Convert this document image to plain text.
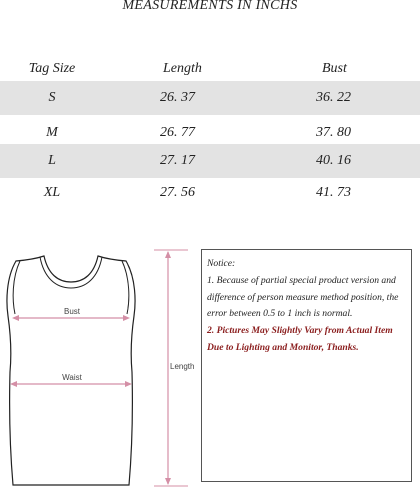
MEASUREMENTS IN INCHS
Tag Size	Length	Bust
S	26. 37	36. 22
M	26. 77	37. 80
L	27. 17	40. 16
XL	27. 56	41. 73
Bust
Waist
Length

Notice:

1. Because of partial special product version and difference of person measure method position, the error between 0.5 to 1 inch is normal.

2. Pictures May Slightly Vary from Actual Item Due to Lighting and Monitor, Thanks.
